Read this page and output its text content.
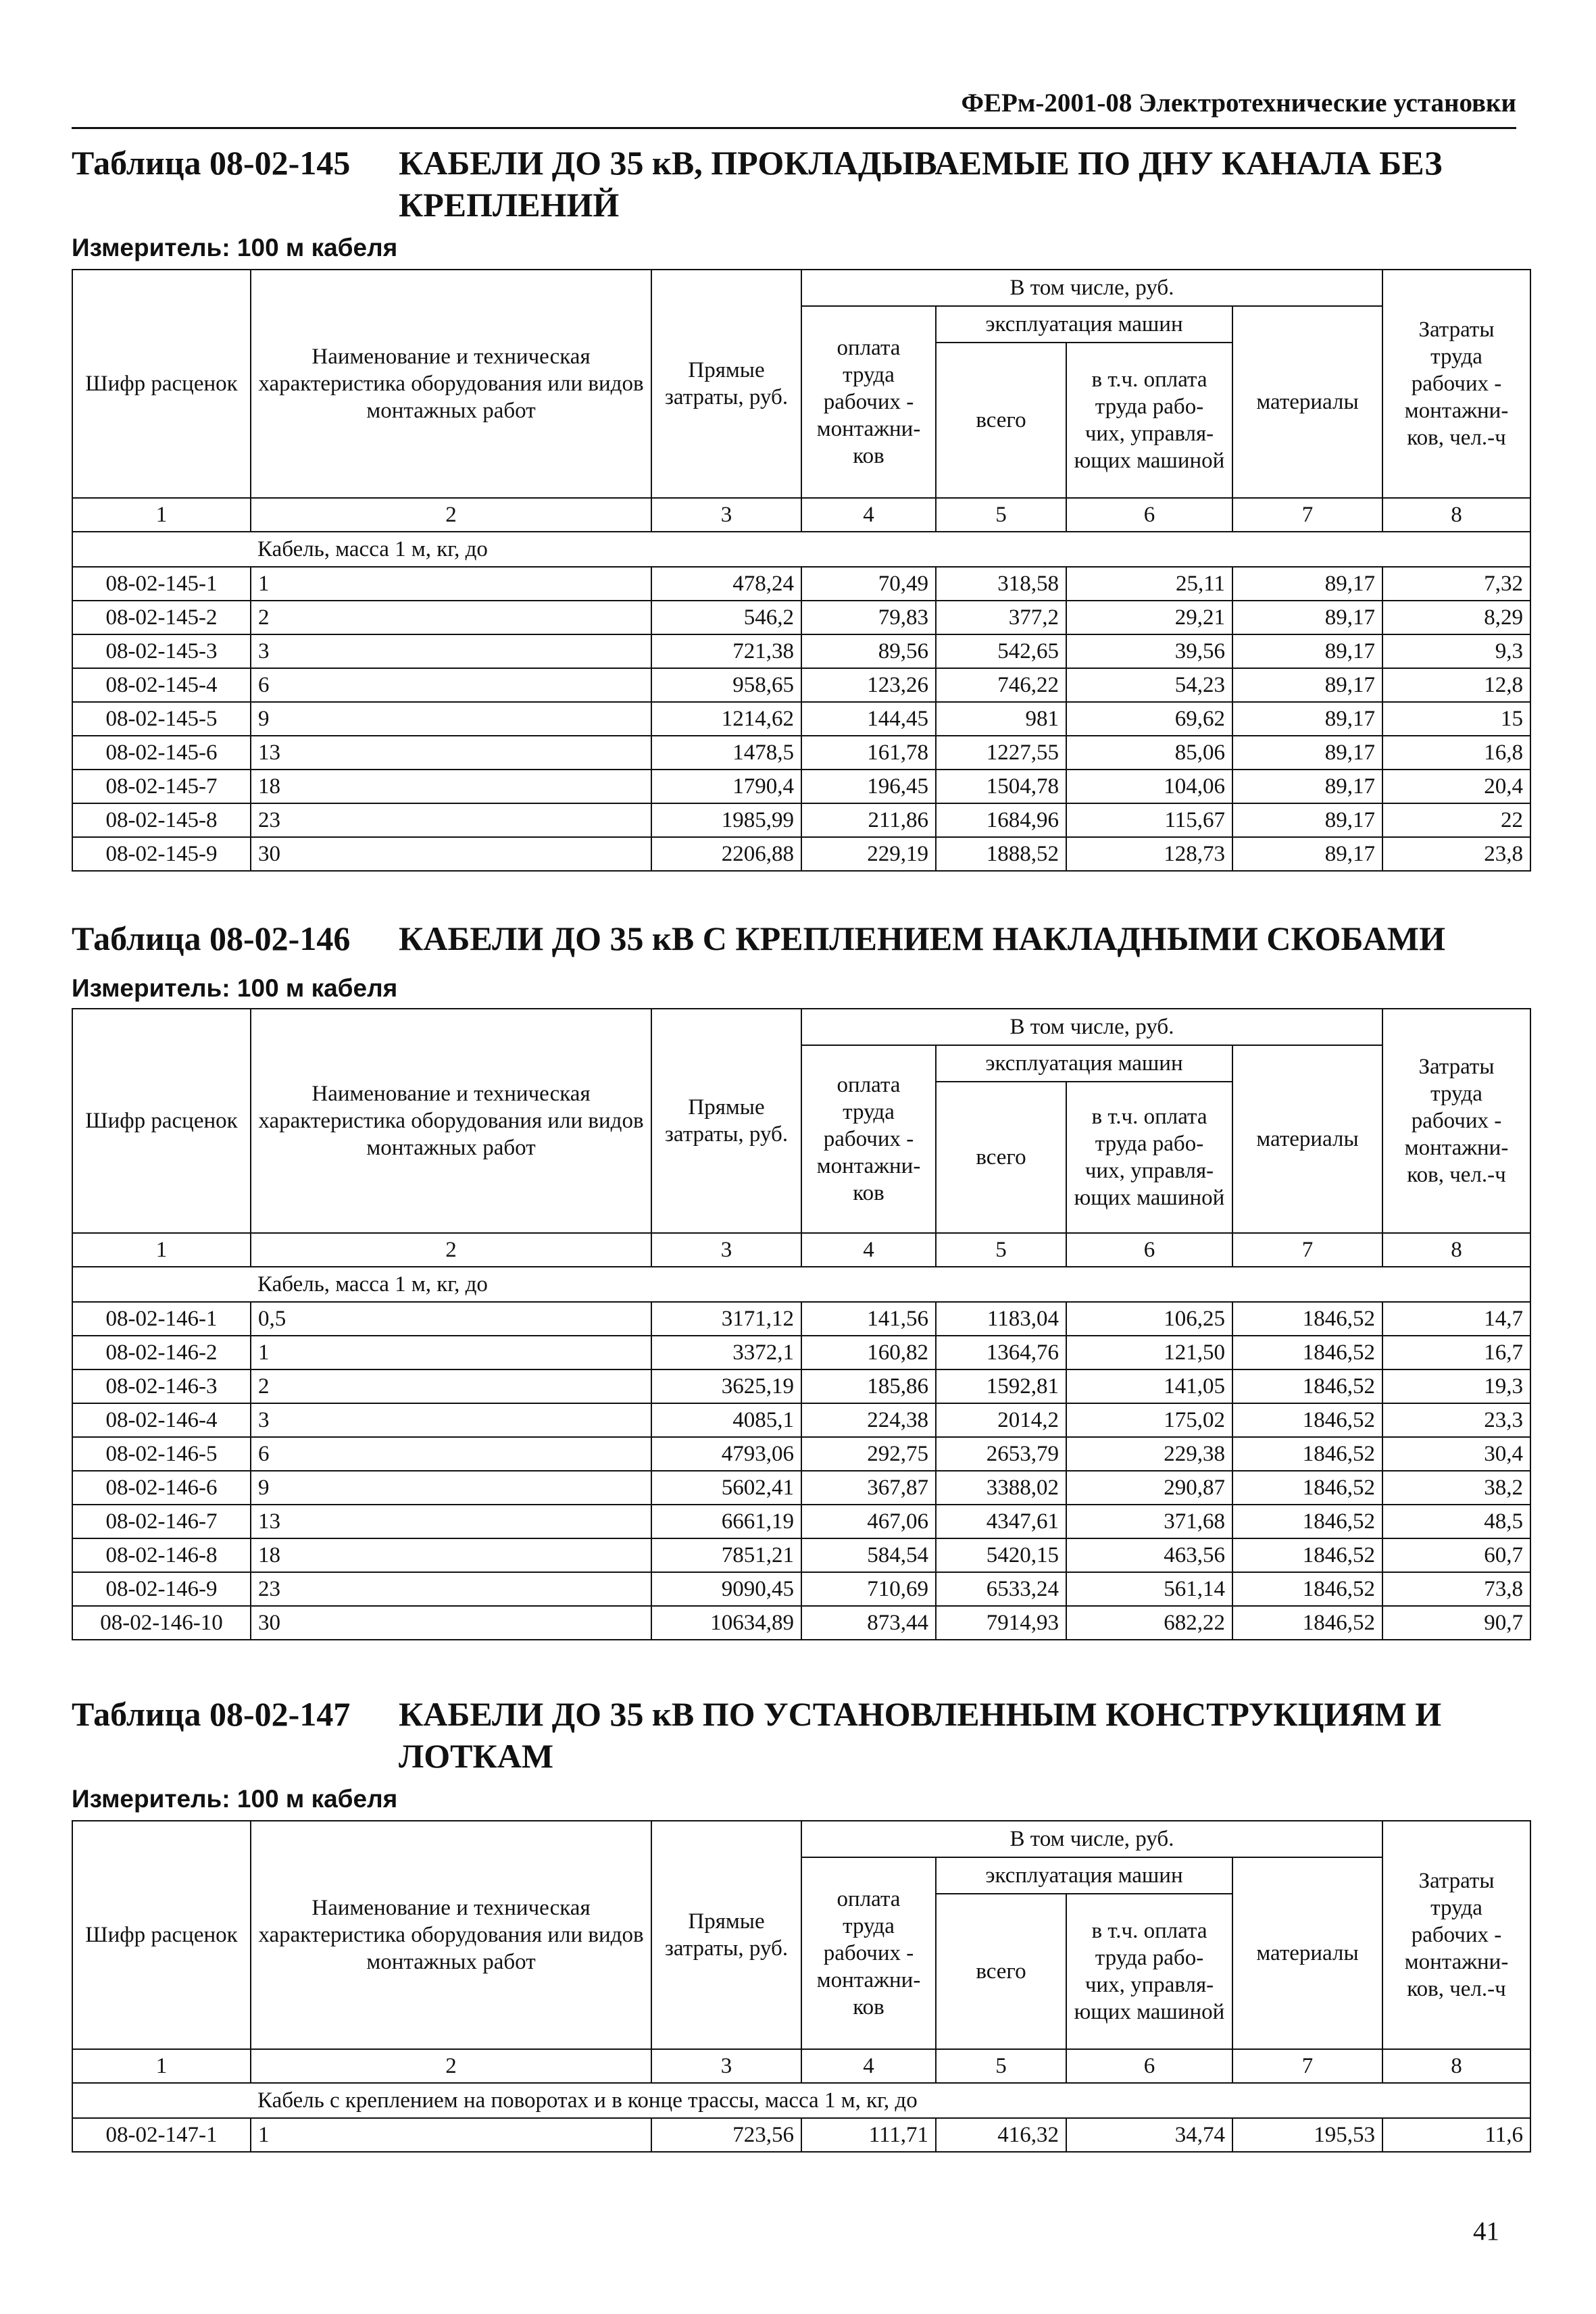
ФЕРм-2001-08 Электротехнические установки
Таблица 08-02-145 КАБЕЛИ ДО 35 кВ, ПРОКЛАДЫВАЕМЫЕ ПО ДНУ КАНАЛА БЕЗ КРЕПЛЕНИЙ
Измеритель: 100 м кабеля
Шифр расценок	Наименование и техническая характеристика оборудования или видов монтажных работ	Прямые затраты, руб.	В том числе, руб.				Затраты труда рабочих - монтажни- ков, чел.-ч
			оплата труда рабочих - монтажни- ков	эксплуатация машин		материалы	
				всего	в т.ч. оплата труда рабо- чих, управля- ющих машиной		
1	2	3	4	5	6	7	8
	Кабель, масса 1 м, кг, до						
08-02-145-1	1	478,24	70,49	318,58	25,11	89,17	7,32
08-02-145-2	2	546,2	79,83	377,2	29,21	89,17	8,29
08-02-145-3	3	721,38	89,56	542,65	39,56	89,17	9,3
08-02-145-4	6	958,65	123,26	746,22	54,23	89,17	12,8
08-02-145-5	9	1214,62	144,45	981	69,62	89,17	15
08-02-145-6	13	1478,5	161,78	1227,55	85,06	89,17	16,8
08-02-145-7	18	1790,4	196,45	1504,78	104,06	89,17	20,4
08-02-145-8	23	1985,99	211,86	1684,96	115,67	89,17	22
08-02-145-9	30	2206,88	229,19	1888,52	128,73	89,17	23,8
Таблица 08-02-146 КАБЕЛИ ДО 35 кВ С КРЕПЛЕНИЕМ НАКЛАДНЫМИ СКОБАМИ
Измеритель: 100 м кабеля
Шифр расценок	Наименование и техническая характеристика оборудования или видов монтажных работ	Прямые затраты, руб.	В том числе, руб.				Затраты труда рабочих - монтажни- ков, чел.-ч
			оплата труда рабочих - монтажни- ков	эксплуатация машин		материалы	
				всего	в т.ч. оплата труда рабо- чих, управля- ющих машиной		
1	2	3	4	5	6	7	8
	Кабель, масса 1 м, кг, до						
08-02-146-1	0,5	3171,12	141,56	1183,04	106,25	1846,52	14,7
08-02-146-2	1	3372,1	160,82	1364,76	121,50	1846,52	16,7
08-02-146-3	2	3625,19	185,86	1592,81	141,05	1846,52	19,3
08-02-146-4	3	4085,1	224,38	2014,2	175,02	1846,52	23,3
08-02-146-5	6	4793,06	292,75	2653,79	229,38	1846,52	30,4
08-02-146-6	9	5602,41	367,87	3388,02	290,87	1846,52	38,2
08-02-146-7	13	6661,19	467,06	4347,61	371,68	1846,52	48,5
08-02-146-8	18	7851,21	584,54	5420,15	463,56	1846,52	60,7
08-02-146-9	23	9090,45	710,69	6533,24	561,14	1846,52	73,8
08-02-146-10	30	10634,89	873,44	7914,93	682,22	1846,52	90,7
Таблица 08-02-147 КАБЕЛИ ДО 35 кВ ПО УСТАНОВЛЕННЫМ КОНСТРУКЦИЯМ И ЛОТКАМ
Измеритель: 100 м кабеля
Шифр расценок	Наименование и техническая характеристика оборудования или видов монтажных работ	Прямые затраты, руб.	В том числе, руб.				Затраты труда рабочих - монтажни- ков, чел.-ч
			оплата труда рабочих - монтажни- ков	эксплуатация машин		материалы	
				всего	в т.ч. оплата труда рабо- чих, управля- ющих машиной		
1	2	3	4	5	6	7	8
	Кабель с креплением на поворотах и в конце трассы, масса 1 м, кг, до						
08-02-147-1	1	723,56	111,71	416,32	34,74	195,53	11,6
41
